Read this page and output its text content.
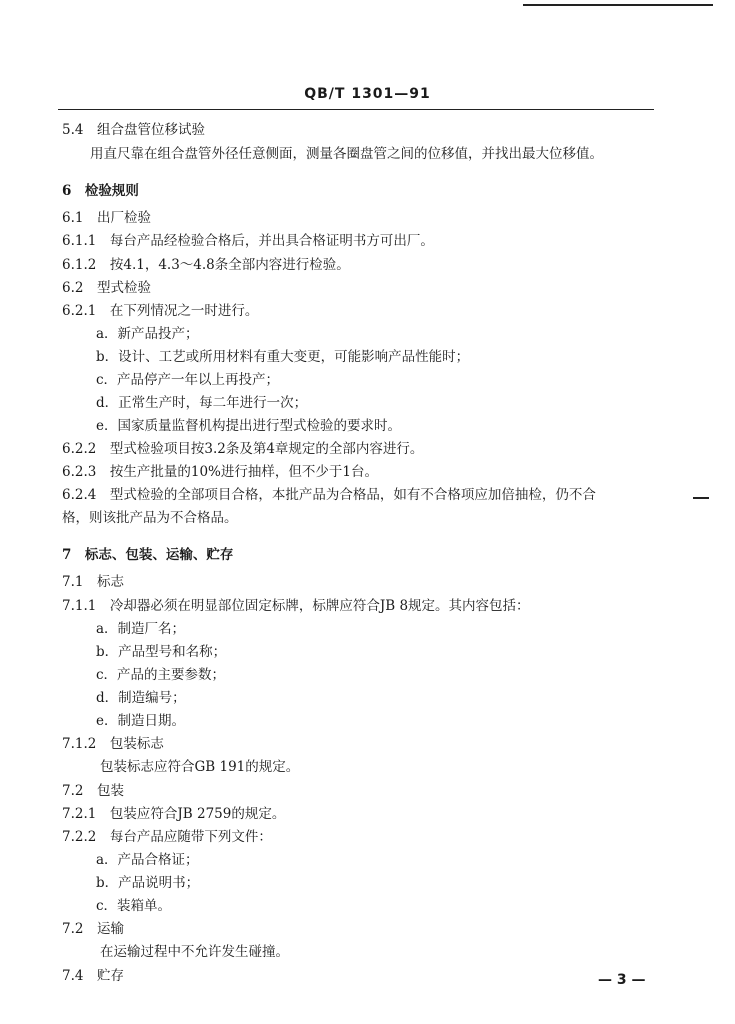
QB/T 1301—91
5.4　组合盘管位移试验
用直尺靠在组合盘管外径任意侧面，测量各圈盘管之间的位移值，并找出最大位移值。
6　检验规则
6.1　出厂检验
6.1.1　每台产品经检验合格后，并出具合格证明书方可出厂。
6.1.2　按4.1，4.3～4.8条全部内容进行检验。
6.2　型式检验
6.2.1　在下列情况之一时进行。
a．新产品投产；
b．设计、工艺或所用材料有重大变更，可能影响产品性能时；
c．产品停产一年以上再投产；
d．正常生产时，每二年进行一次；
e．国家质量监督机构提出进行型式检验的要求时。
6.2.2　型式检验项目按3.2条及第4章规定的全部内容进行。
6.2.3　按生产批量的10%进行抽样，但不少于1台。
6.2.4　型式检验的全部项目合格，本批产品为合格品，如有不合格项应加倍抽检，仍不合
格，则该批产品为不合格品。
7　标志、包装、运输、贮存
7.1　标志
7.1.1　冷却器必须在明显部位固定标牌，标牌应符合JB 8规定。其内容包括：
a．制造厂名；
b．产品型号和名称；
c．产品的主要参数；
d．制造编号；
e．制造日期。
7.1.2　包装标志
包装标志应符合GB 191的规定。
7.2　包装
7.2.1　包装应符合JB 2759的规定。
7.2.2　每台产品应随带下列文件：
a．产品合格证；
b．产品说明书；
c．装箱单。
7.2　运输
在运输过程中不允许发生碰撞。
7.4　贮存	— 3 —
